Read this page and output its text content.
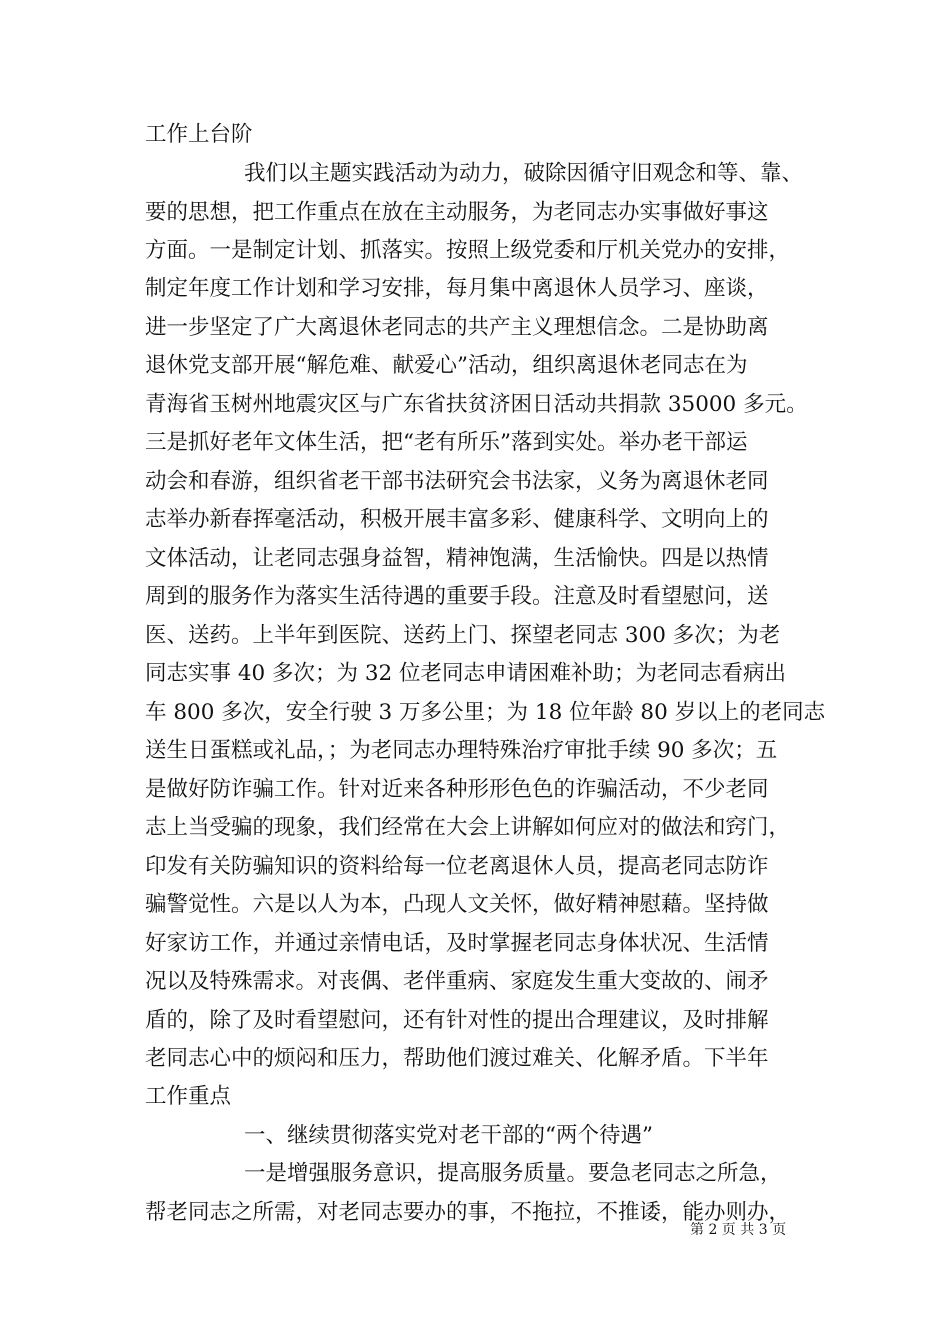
工作上台阶
我们以主题实践活动为动力，破除因循守旧观念和等、靠、
要的思想，把工作重点在放在主动服务，为老同志办实事做好事这
方面。一是制定计划、抓落实。按照上级党委和厅机关党办的安排，
制定年度工作计划和学习安排，每月集中离退休人员学习、座谈，
进一步坚定了广大离退休老同志的共产主义理想信念。二是协助离
退休党支部开展“解危难、献爱心”活动，组织离退休老同志在为
青海省玉树州地震灾区与广东省扶贫济困日活动共捐款 35000 多元。
三是抓好老年文体生活，把“老有所乐”落到实处。举办老干部运
动会和春游，组织省老干部书法研究会书法家，义务为离退休老同
志举办新春挥毫活动，积极开展丰富多彩、健康科学、文明向上的
文体活动，让老同志强身益智，精神饱满，生活愉快。四是以热情
周到的服务作为落实生活待遇的重要手段。注意及时看望慰问，送
医、送药。上半年到医院、送药上门、探望老同志 300 多次；为老
同志实事 40 多次；为 32 位老同志申请困难补助；为老同志看病出
车 800 多次，安全行驶 3 万多公里；为 18 位年龄 80 岁以上的老同志
送生日蛋糕或礼品，；为老同志办理特殊治疗审批手续 90 多次；五
是做好防诈骗工作。针对近来各种形形色色的诈骗活动，不少老同
志上当受骗的现象，我们经常在大会上讲解如何应对的做法和窍门，
印发有关防骗知识的资料给每一位老离退休人员，提高老同志防诈
骗警觉性。六是以人为本，凸现人文关怀，做好精神慰藉。坚持做
好家访工作，并通过亲情电话，及时掌握老同志身体状况、生活情
况以及特殊需求。对丧偶、老伴重病、家庭发生重大变故的、闹矛
盾的，除了及时看望慰问，还有针对性的提出合理建议，及时排解
老同志心中的烦闷和压力，帮助他们渡过难关、化解矛盾。下半年
工作重点
一、继续贯彻落实党对老干部的“两个待遇”
一是增强服务意识，提高服务质量。要急老同志之所急，
帮老同志之所需，对老同志要办的事，不拖拉，不推诿，能办则办，
第 2 页 共 3 页
